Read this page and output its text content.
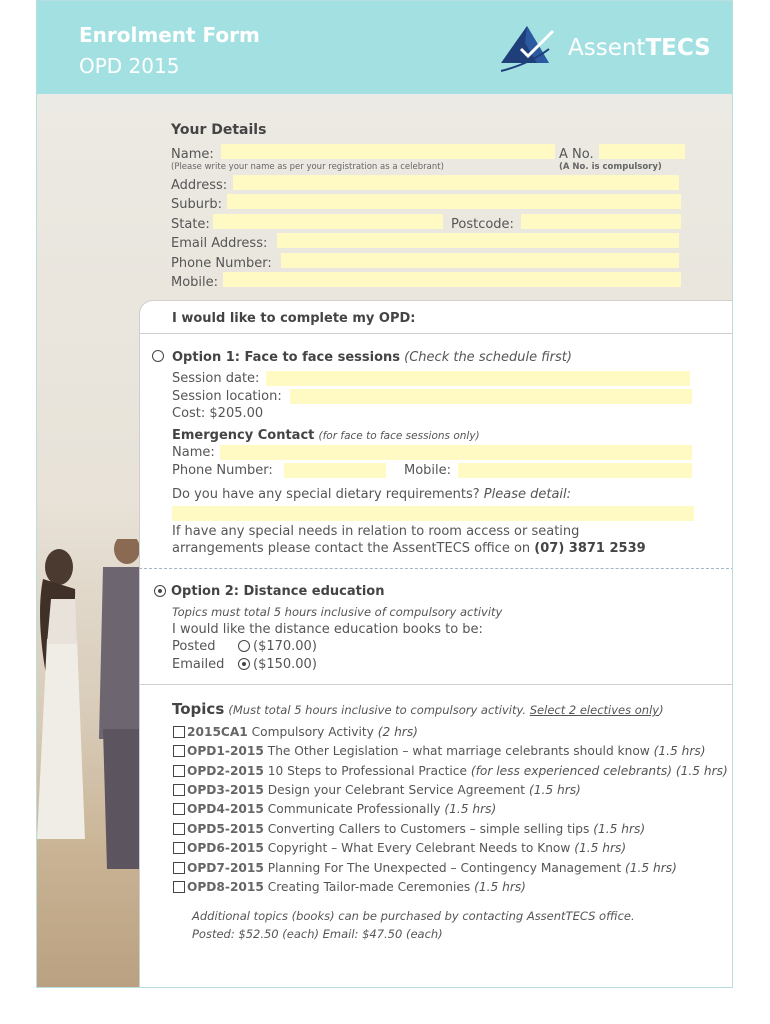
Enrolment Form
OPD 2015
AssentTECS
Your Details
Name:	A No.
(Please write your name as per your registration as a celebrant)	(A No. is compulsory)
Address:
Suburb:
State:	Postcode:
Email Address:
Phone Number:
Mobile:
I would like to complete my OPD:
Option 1: Face to face sessions (Check the schedule first)
Session date:
Session location:
Cost: $205.00
Emergency Contact (for face to face sessions only)
Name:
Phone Number:	Mobile:
Do you have any special dietary requirements? Please detail:
If have any special needs in relation to room access or seating
arrangements please contact the AssentTECS office on (07) 3871 2539
Option 2: Distance education
Topics must total 5 hours inclusive of compulsory activity
I would like the distance education books to be:
Posted	($170.00)
Emailed ($150.00)
Topics (Must total 5 hours inclusive to compulsory activity. Select 2 electives only)
Additional topics (books) can be purchased by contacting AssentTECS office.
Posted: $52.50 (each) Email: $47.50 (each)
2015CA1 Compulsory Activity (2 hrs)
OPD1-2015 The Other Legislation – what marriage celebrants should know (1.5 hrs)
OPD2-2015 10 Steps to Professional Practice (for less experienced celebrants) (1.5 hrs)
OPD3-2015 Design your Celebrant Service Agreement (1.5 hrs)
OPD4-2015 Communicate Professionally (1.5 hrs)
OPD5-2015 Converting Callers to Customers – simple selling tips (1.5 hrs)
OPD6-2015 Copyright – What Every Celebrant Needs to Know (1.5 hrs)
OPD7-2015 Planning For The Unexpected – Contingency Management (1.5 hrs)
OPD8-2015 Creating Tailor-made Ceremonies (1.5 hrs)
